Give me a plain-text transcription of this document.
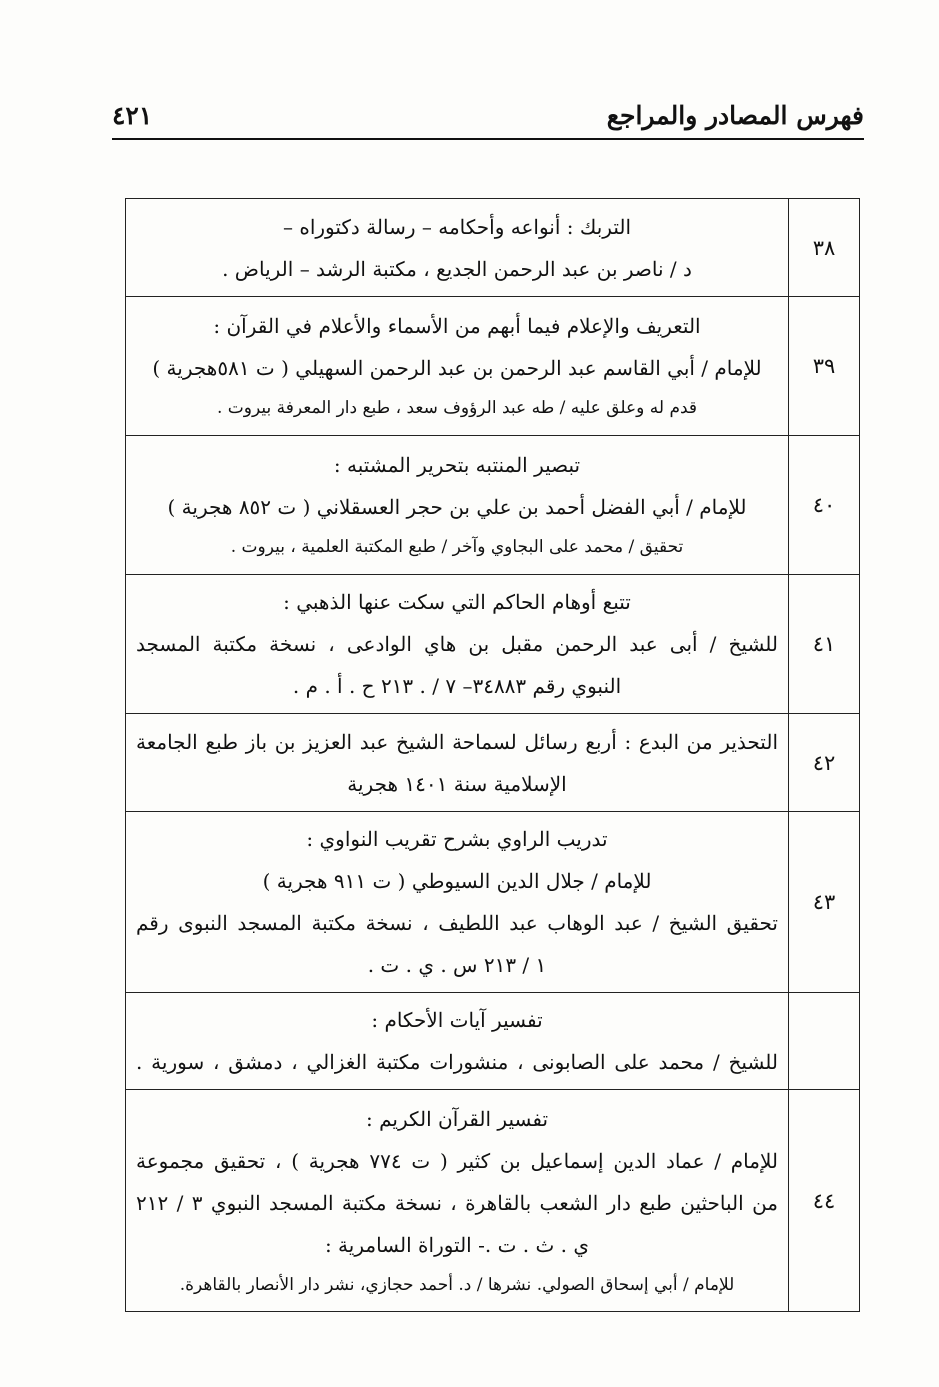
فهرس المصادر والمراجع
٤٢١
٣٨	التربك : أنواعه وأحكامه – رسالة دكتوراه –
د / ناصر بن عبد الرحمن الجديع ، مكتبة الرشد – الرياض .

٣٩	التعريف والإعلام فيما أبهم من الأسماء والأعلام في القرآن :
للإمام / أبي القاسم عبد الرحمن بن عبد الرحمن السهيلي ( ت ٥٨١هجرية )
قدم له وعلق عليه / طه عبد الرؤوف سعد ، طبع دار المعرفة بيروت .

٤٠	تبصير المنتبه بتحرير المشتبه :
للإمام / أبي الفضل أحمد بن علي بن حجر العسقلاني ( ت ٨٥٢ هجرية )
تحقيق / محمد على البجاوي وآخر / طبع المكتبة العلمية ، بيروت .

٤١	تتبع أوهام الحاكم التي سكت عنها الذهبي :
للشيخ / أبى عبد الرحمن مقبل بن هاي الوادعى ، نسخة مكتبة المسجد
النبوي رقم ٣٤٨٨٣– ٧ / . ٢١٣ ح . أ . م .

٤٢	التحذير من البدع : أربع رسائل لسماحة الشيخ عبد العزيز بن باز طبع الجامعة
الإسلامية سنة ١٤٠١ هجرية

٤٣	تدريب الراوي بشرح تقريب النواوي :
للإمام / جلال الدين السيوطي ( ت ٩١١ هجرية )
تحقيق الشيخ / عبد الوهاب عبد اللطيف ، نسخة مكتبة المسجد النبوى رقم
١ / ٢١٣ س . ي . ت .

	تفسير آيات الأحكام :
للشيخ / محمد على الصابونى ، منشورات مكتبة الغزالي ، دمشق ، سورية .

٤٤	تفسير القرآن الكريم :
للإمام / عماد الدين إسماعيل بن كثير ( ت ٧٧٤ هجرية ) ، تحقيق مجموعة
من الباحثين طبع دار الشعب بالقاهرة ، نسخة مكتبة المسجد النبوي ٣ / ٢١٢
ي . ث . ت .- التوراة السامرية :
للإمام / أبي إسحاق الصولي. نشرها / د. أحمد حجازي، نشر دار الأنصار بالقاهرة.
